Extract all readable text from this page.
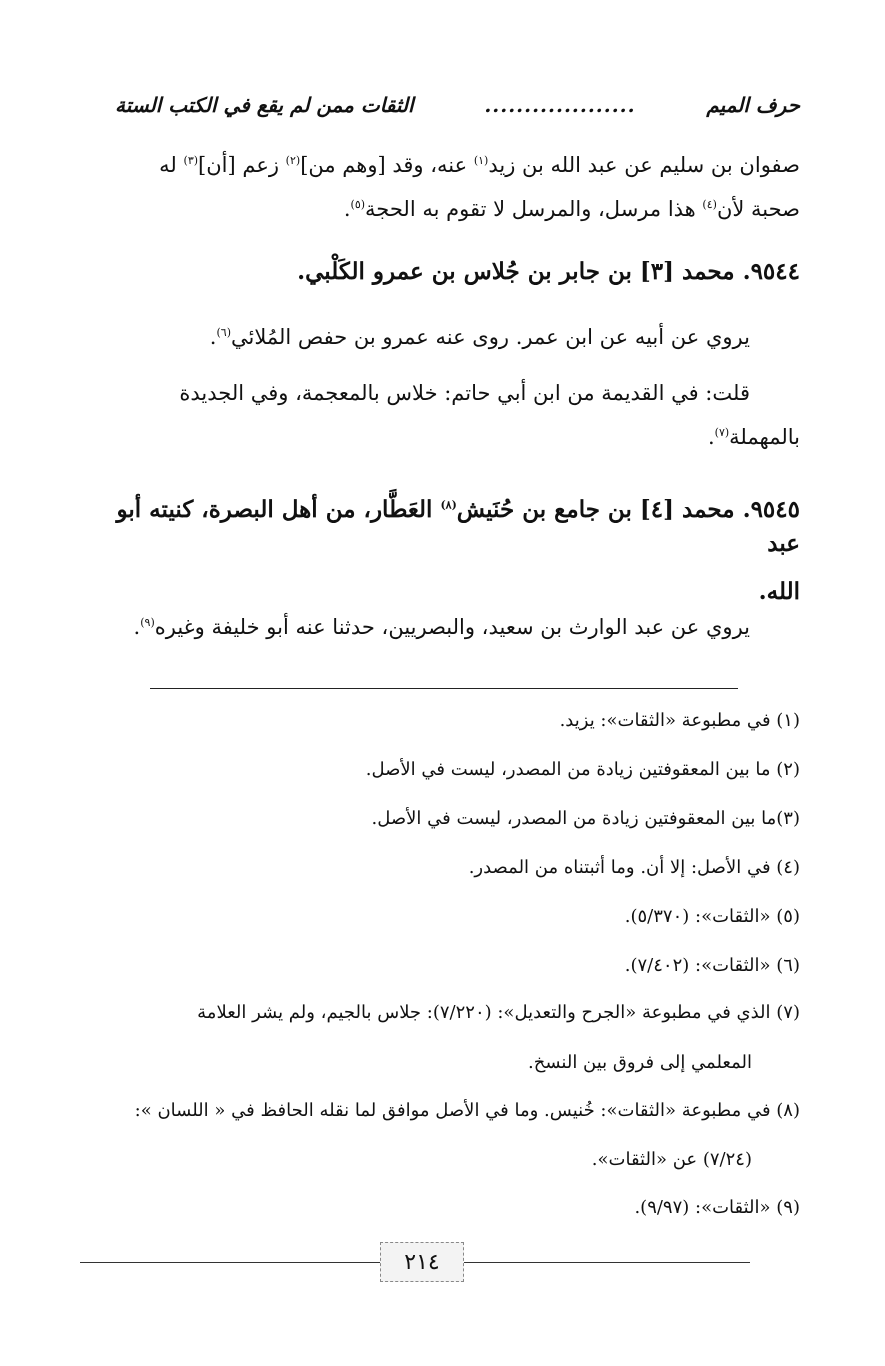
حرف الميم
...................
الثقات ممن لم يقع في الكتب الستة
صفوان بن سليم عن عبد الله بن زيد$^{(١)}$ عنه، وقد [وهم من]$^{(٢)}$ زعم [أن]$^{(٣)}$ له
صحبة لأن$^{(٤)}$ هذا مرسل، والمرسل لا تقوم به الحجة$^{(٥)}$.
٩٥٤٤. محمد [٣] بن جابر بن جُلاس بن عمرو الكَلْبي.
يروي عن أبيه عن ابن عمر. روى عنه عمرو بن حفص المُلائي$^{(٦)}$.
قلت: في القديمة من ابن أبي حاتم: خلاس بالمعجمة، وفي الجديدة
بالمهملة$^{(٧)}$.
٩٥٤٥. محمد [٤] بن جامع بن حُنَيش$^{(٨)}$ العَطَّار، من أهل البصرة، كنيته أبو عبد
الله.
يروي عن عبد الوارث بن سعيد، والبصريين، حدثنا عنه أبو خليفة وغيره$^{(٩)}$.
(١) في مطبوعة «الثقات»: يزيد.
(٢) ما بين المعقوفتين زيادة من المصدر، ليست في الأصل.
(٣)ما بين المعقوفتين زيادة من المصدر، ليست في الأصل.
(٤) في الأصل: إلا أن. وما أثبتناه من المصدر.
(٥) «الثقات»: (٥/٣٧٠).
(٦) «الثقات»: (٧/٤٠٢).
(٧) الذي في مطبوعة «الجرح والتعديل»: (٧/٢٢٠): جلاس بالجيم، ولم يشر العلامة
المعلمي إلى فروق بين النسخ.
(٨) في مطبوعة «الثقات»: خُنيس. وما في الأصل موافق لما نقله الحافظ في « اللسان »:
(٧/٢٤) عن «الثقات».
(٩) «الثقات»: (٩/٩٧).
٢١٤
